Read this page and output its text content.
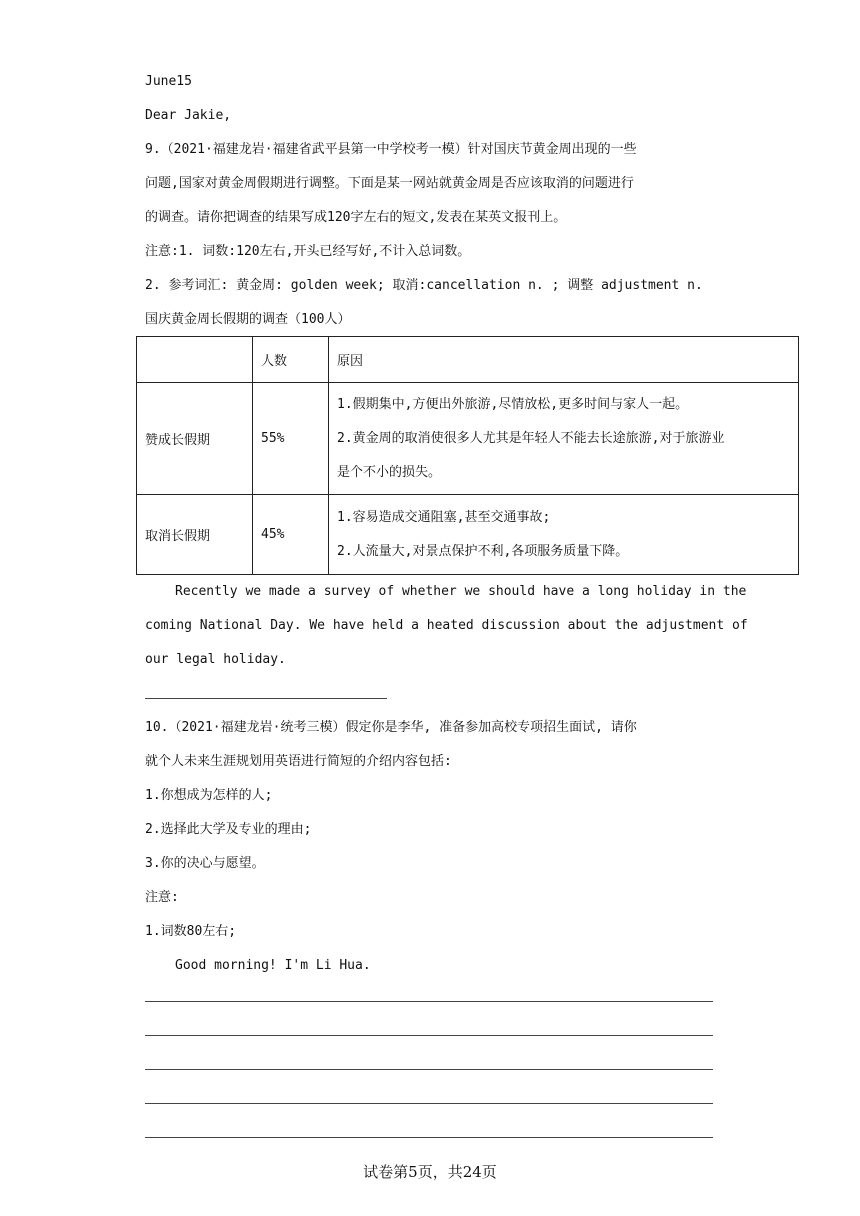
June15
Dear Jakie,
9.（2021·福建龙岩·福建省武平县第一中学校考一模）针对国庆节黄金周出现的一些
问题,国家对黄金周假期进行调整。下面是某一网站就黄金周是否应该取消的问题进行
的调查。请你把调查的结果写成120字左右的短文,发表在某英文报刊上。
注意:1. 词数:120左右,开头已经写好,不计入总词数。
2. 参考词汇: 黄金周: golden week; 取消:cancellation n. ; 调整 adjustment n.
国庆黄金周长假期的调查（100人）
	人数	原因
赞成长假期	55%	1.假期集中,方便出外旅游,尽情放松,更多时间与家人一起。
2.黄金周的取消使很多人尤其是年轻人不能去长途旅游,对于旅游业
是个不小的损失。

取消长假期	45%	1.容易造成交通阻塞,甚至交通事故;
2.人流量大,对景点保护不利,各项服务质量下降。
Recently we made a survey of whether we should have a long holiday in the
coming National Day. We have held a heated discussion about the adjustment of
our legal holiday.
10.（2021·福建龙岩·统考三模）假定你是李华, 准备参加高校专项招生面试, 请你
就个人未来生涯规划用英语进行简短的介绍内容包括:
1.你想成为怎样的人;
2.选择此大学及专业的理由;
3.你的决心与愿望。
注意:
1.词数80左右;
Good morning! I'm Li Hua.
试卷第5页，共24页
